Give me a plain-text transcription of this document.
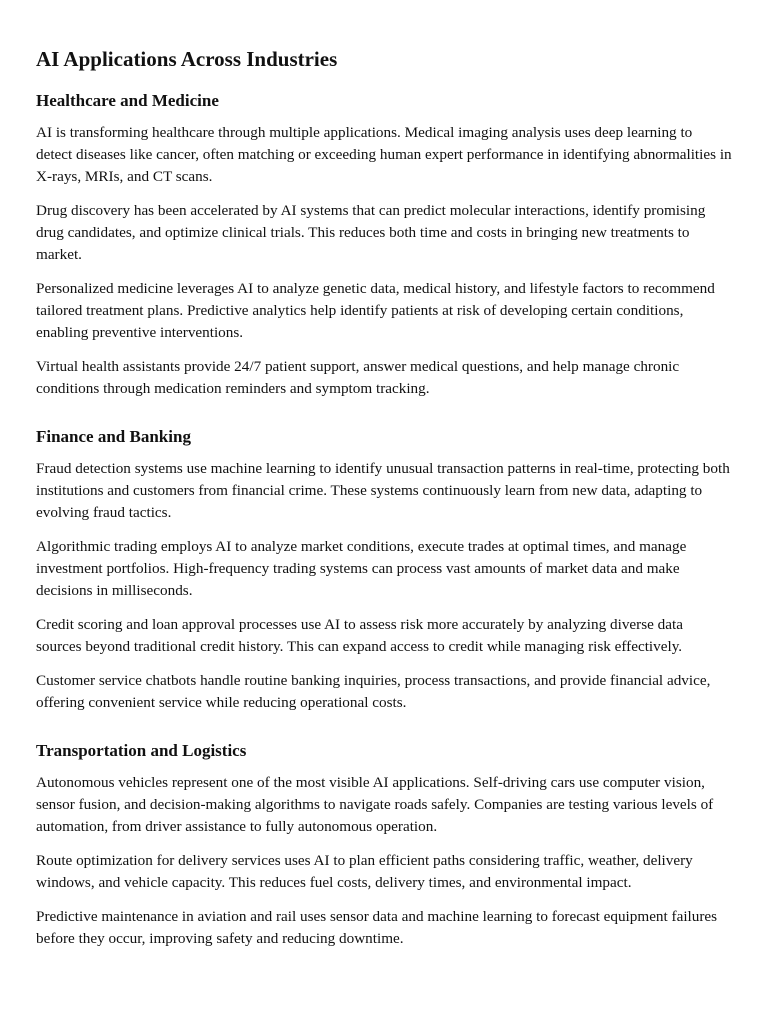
AI Applications Across Industries
Healthcare and Medicine

AI is transforming healthcare through multiple applications. Medical imaging analysis uses deep learning to detect diseases like cancer, often matching or exceeding human expert performance in identifying abnormalities in X-rays, MRIs, and CT scans.

Drug discovery has been accelerated by AI systems that can predict molecular interactions, identify promising drug candidates, and optimize clinical trials. This reduces both time and costs in bringing new treatments to market.

Personalized medicine leverages AI to analyze genetic data, medical history, and lifestyle factors to recommend tailored treatment plans. Predictive analytics help identify patients at risk of developing certain conditions, enabling preventive interventions.

Virtual health assistants provide 24/7 patient support, answer medical questions, and help manage chronic conditions through medication reminders and symptom tracking.

Finance and Banking

Fraud detection systems use machine learning to identify unusual transaction patterns in real-time, protecting both institutions and customers from financial crime. These systems continuously learn from new data, adapting to evolving fraud tactics.

Algorithmic trading employs AI to analyze market conditions, execute trades at optimal times, and manage investment portfolios. High-frequency trading systems can process vast amounts of market data and make decisions in milliseconds.

Credit scoring and loan approval processes use AI to assess risk more accurately by analyzing diverse data sources beyond traditional credit history. This can expand access to credit while managing risk effectively.

Customer service chatbots handle routine banking inquiries, process transactions, and provide financial advice, offering convenient service while reducing operational costs.

Transportation and Logistics

Autonomous vehicles represent one of the most visible AI applications. Self-driving cars use computer vision, sensor fusion, and decision-making algorithms to navigate roads safely. Companies are testing various levels of automation, from driver assistance to fully autonomous operation.

Route optimization for delivery services uses AI to plan efficient paths considering traffic, weather, delivery windows, and vehicle capacity. This reduces fuel costs, delivery times, and environmental impact.

Predictive maintenance in aviation and rail uses sensor data and machine learning to forecast equipment failures before they occur, improving safety and reducing downtime.
